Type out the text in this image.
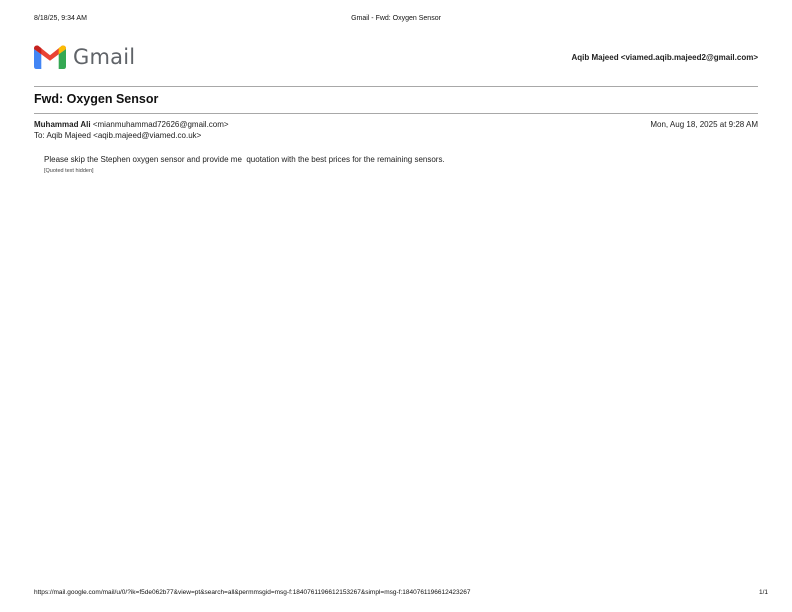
8/18/25, 9:34 AM	Gmail - Fwd: Oxygen Sensor
Gmail	Aqib Majeed <viamed.aqib.majeed2@gmail.com>
Fwd: Oxygen Sensor
Muhammad Ali <mianmuhammad72626@gmail.com>	Mon, Aug 18, 2025 at 9:28 AM
To: Aqib Majeed <aqib.majeed@viamed.co.uk>
Please skip the Stephen oxygen sensor and provide me  quotation with the best prices for the remaining sensors.
[Quoted text hidden]
https://mail.google.com/mail/u/0/?ik=f5de062b77&view=pt&search=all&permmsgid=msg-f:1840761196612153267&simpl=msg-f:1840761196612423267	1/1
